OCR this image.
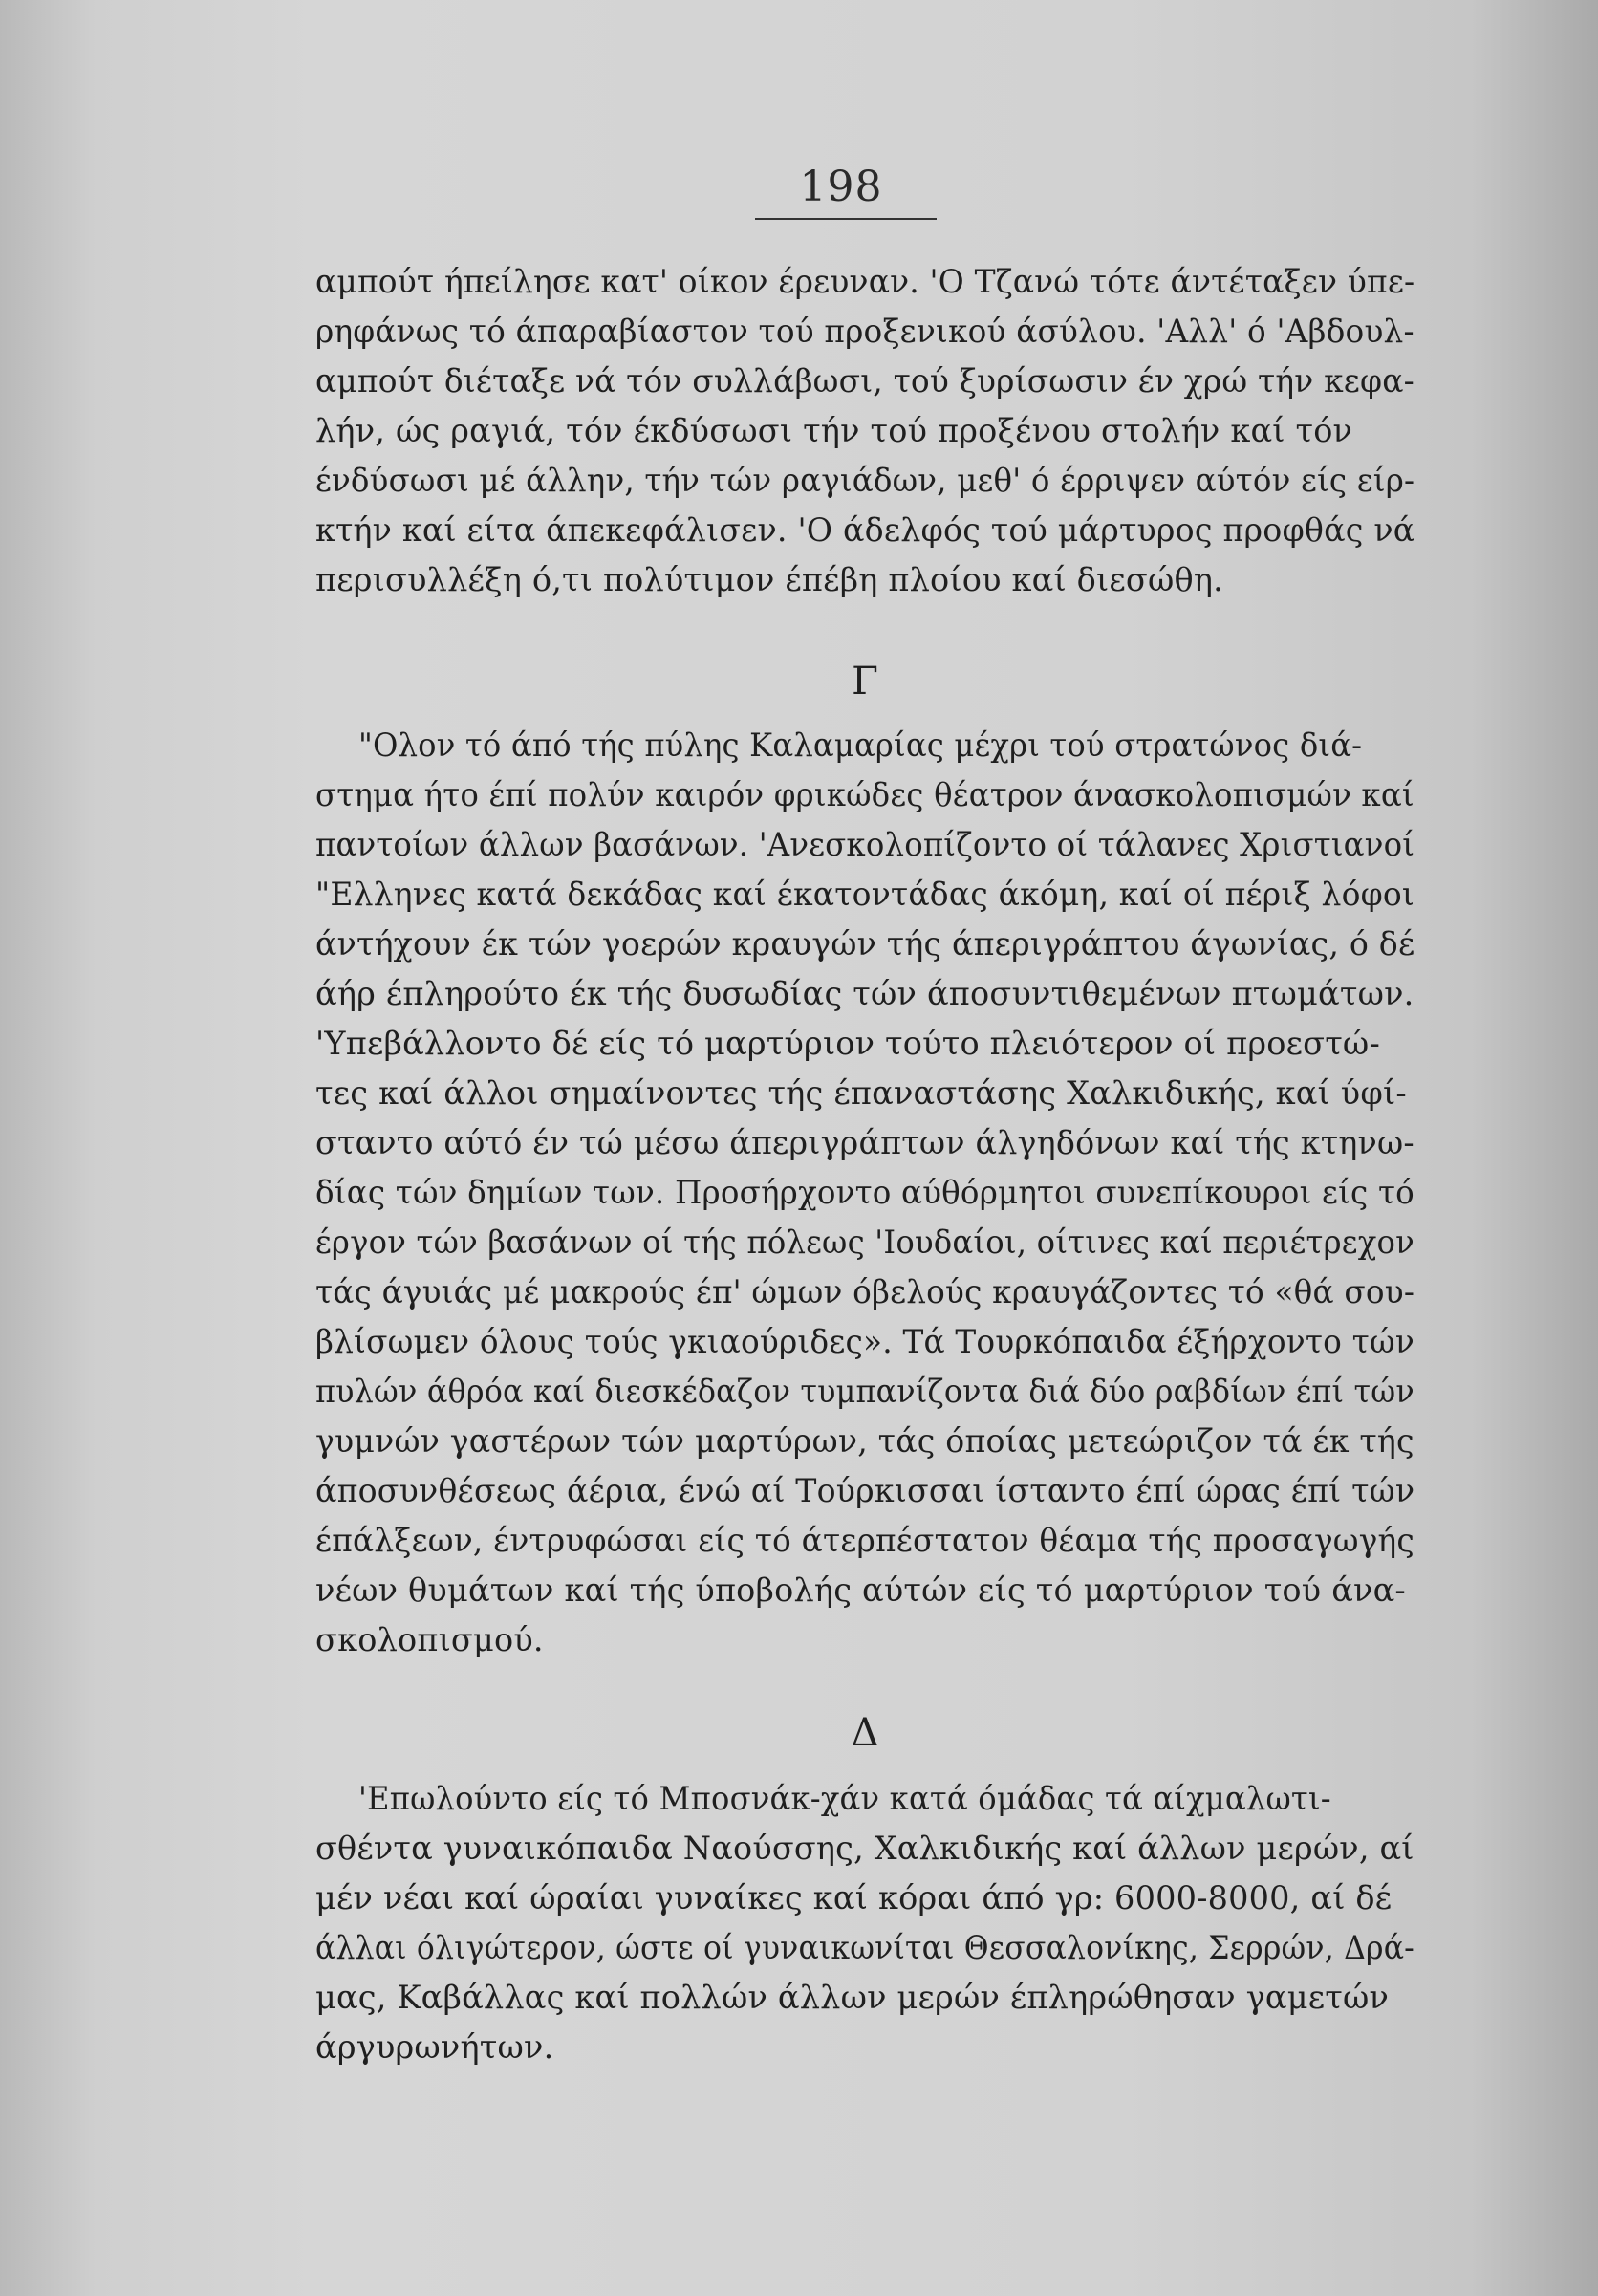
198
αμπούτ ήπείλησε κατ' οίκον έρευναν. 'Ο Τζανώ τότε άντέταξεν ύπε-
ρηφάνως τό άπαραβίαστον τού προξενικού άσύλου. 'Αλλ' ό 'Αβδουλ-
αμπούτ διέταξε νά τόν συλλάβωσι, τού ξυρίσωσιν έν χρώ τήν κεφα-
λήν, ώς ραγιά, τόν έκδύσωσι τήν τού προξένου στολήν καί τόν
ένδύσωσι μέ άλλην, τήν τών ραγιάδων, μεθ' ό έρριψεν αύτόν είς είρ-
κτήν καί είτα άπεκεφάλισεν. 'Ο άδελφός τού μάρτυρος προφθάς νά
περισυλλέξη ό,τι πολύτιμον έπέβη πλοίου καί διεσώθη.
Γ
"Ολον τό άπό τής πύλης Καλαμαρίας μέχρι τού στρατώνος διά-
στημα ήτο έπί πολύν καιρόν φρικώδες θέατρον άνασκολοπισμών καί
παντοίων άλλων βασάνων. 'Ανεσκολοπίζοντο οί τάλανες Χριστιανοί
"Ελληνες κατά δεκάδας καί έκατοντάδας άκόμη, καί οί πέριξ λόφοι
άντήχουν έκ τών γοερών κραυγών τής άπεριγράπτου άγωνίας, ό δέ
άήρ έπληρούτο έκ τής δυσωδίας τών άποσυντιθεμένων πτωμάτων.
'Υπεβάλλοντο δέ είς τό μαρτύριον τούτο πλειότερον οί προεστώ-
τες καί άλλοι σημαίνοντες τής έπαναστάσης Χαλκιδικής, καί ύφί-
σταντο αύτό έν τώ μέσω άπεριγράπτων άλγηδόνων καί τής κτηνω-
δίας τών δημίων των. Προσήρχοντο αύθόρμητοι συνεπίκουροι είς τό
έργον τών βασάνων οί τής πόλεως 'Ιουδαίοι, οίτινες καί περιέτρεχον
τάς άγυιάς μέ μακρούς έπ' ώμων όβελούς κραυγάζοντες τό «θά σου-
βλίσωμεν όλους τούς γκιαούριδες». Τά Τουρκόπαιδα έξήρχοντο τών
πυλών άθρόα καί διεσκέδαζον τυμπανίζοντα διά δύο ραβδίων έπί τών
γυμνών γαστέρων τών μαρτύρων, τάς όποίας μετεώριζον τά έκ τής
άποσυνθέσεως άέρια, ένώ αί Τούρκισσαι ίσταντο έπί ώρας έπί τών
έπάλξεων, έντρυφώσαι είς τό άτερπέστατον θέαμα τής προσαγωγής
νέων θυμάτων καί τής ύποβολής αύτών είς τό μαρτύριον τού άνα-
σκολοπισμού.
Δ
'Επωλούντο είς τό Μποσνάκ-χάν κατά όμάδας τά αίχμαλωτι-
σθέντα γυναικόπαιδα Ναούσσης, Χαλκιδικής καί άλλων μερών, αί
μέν νέαι καί ώραίαι γυναίκες καί κόραι άπό γρ: 6000-8000, αί δέ
άλλαι όλιγώτερον, ώστε οί γυναικωνίται Θεσσαλονίκης, Σερρών, Δρά-
μας, Καβάλλας καί πολλών άλλων μερών έπληρώθησαν γαμετών
άργυρωνήτων.
